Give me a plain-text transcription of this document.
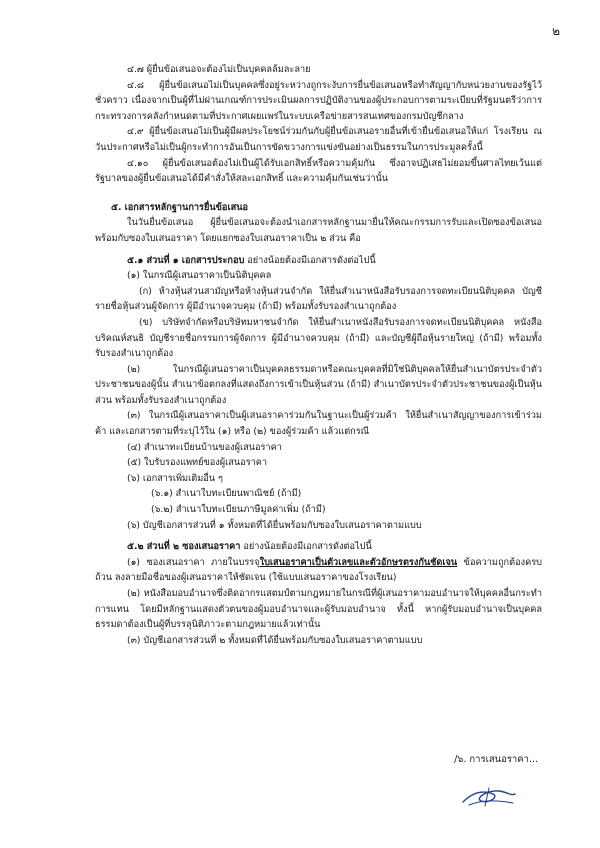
๒

๔.๗ ผู้ยื่นข้อเสนอจะต้องไม่เป็นบุคคลล้มละลาย

๔.๘ ผู้ยื่นข้อเสนอไม่เป็นบุคคลซึ่งอยู่ระหว่างถูกระงับการยื่นข้อเสนอหรือทำสัญญากับหน่วยงานของรัฐไว้ชั่วคราว เนื่องจากเป็นผู้ที่ไม่ผ่านเกณฑ์การประเมินผลการปฏิบัติงานของผู้ประกอบการตามระเบียบที่รัฐมนตรีว่าการกระทรวงการคลังกำหนดตามที่ประกาศเผยแพร่ในระบบเครือข่ายสารสนเทศของกรมบัญชีกลาง

๔.๙ ผู้ยื่นข้อเสนอไม่เป็นผู้มีผลประโยชน์ร่วมกันกับผู้ยื่นข้อเสนอรายอื่นที่เข้ายื่นข้อเสนอให้แก่ โรงเรียน ณ วันประกาศหรือไม่เป็นผู้กระทำการอันเป็นการขัดขวางการแข่งขันอย่างเป็นธรรมในการประมูลครั้งนี้

๔.๑๐ ผู้ยื่นข้อเสนอต้องไม่เป็นผู้ได้รับเอกสิทธิ์หรือความคุ้มกัน ซึ่งอาจปฏิเสธไม่ยอมขึ้นศาลไทยเว้นแต่รัฐบาลของผู้ยื่นข้อเสนอได้มีคำสั่งให้สละเอกสิทธิ์ และความคุ้มกันเช่นว่านั้น

๕. เอกสารหลักฐานการยื่นข้อเสนอ

ในวันยื่นข้อเสนอ ผู้ยื่นข้อเสนอจะต้องนำเอกสารหลักฐานมายื่นให้คณะกรรมการรับและเปิดซองข้อเสนอพร้อมกับซองใบเสนอราคา โดยแยกซองใบเสนอราคาเป็น ๒ ส่วน คือ

๕.๑ ส่วนที่ ๑ เอกสารประกอบ อย่างน้อยต้องมีเอกสารดังต่อไปนี้

(๑) ในกรณีผู้เสนอราคาเป็นนิติบุคคล

(ก) ห้างหุ้นส่วนสามัญหรือห้างหุ้นส่วนจำกัด ให้ยื่นสำเนาหนังสือรับรองการจดทะเบียนนิติบุคคล บัญชีรายชื่อหุ้นส่วนผู้จัดการ ผู้มีอำนาจควบคุม (ถ้ามี) พร้อมทั้งรับรองสำเนาถูกต้อง

(ข) บริษัทจำกัดหรือบริษัทมหาชนจำกัด ให้ยื่นสำเนาหนังสือรับรองการจดทะเบียนนิติบุคคล หนังสือบริคณห์สนธิ บัญชีรายชื่อกรรมการผู้จัดการ ผู้มีอำนาจควบคุม (ถ้ามี) และบัญชีผู้ถือหุ้นรายใหญ่ (ถ้ามี) พร้อมทั้งรับรองสำเนาถูกต้อง

(๒) ในกรณีผู้เสนอราคาเป็นบุคคลธรรมดาหรือคณะบุคคลที่มิใช่นิติบุคคลให้ยื่นสำเนาบัตรประจำตัวประชาชนของผู้นั้น สำเนาข้อตกลงที่แสดงถึงการเข้าเป็นหุ้นส่วน (ถ้ามี) สำเนาบัตรประจำตัวประชาชนของผู้เป็นหุ้นส่วน พร้อมทั้งรับรองสำเนาถูกต้อง

(๓) ในกรณีผู้เสนอราคาเป็นผู้เสนอราคาร่วมกันในฐานะเป็นผู้ร่วมค้า ให้ยื่นสำเนาสัญญาของการเข้าร่วมค้า และเอกสารตามที่ระบุไว้ใน (๑) หรือ (๒) ของผู้ร่วมค้า แล้วแต่กรณี

(๔) สำเนาทะเบียนบ้านของผู้เสนอราคา

(๕) ใบรับรองแพทย์ของผู้เสนอราคา

(๖) เอกสารเพิ่มเติมอื่น ๆ

(๖.๑) สำเนาใบทะเบียนพาณิชย์ (ถ้ามี)

(๖.๒) สำเนาใบทะเบียนภาษีมูลค่าเพิ่ม (ถ้ามี)

(๖) บัญชีเอกสารส่วนที่ ๑ ทั้งหมดที่ได้ยื่นพร้อมกับซองใบเสนอราคาตามแบบ

๕.๒ ส่วนที่ ๒ ซองเสนอราคา อย่างน้อยต้องมีเอกสารดังต่อไปนี้

(๑) ซองเสนอราคา ภายในบรรจุใบเสนอราคาเป็นตัวเลขและตัวอักษรตรงกันชัดเจน ข้อความถูกต้องครบถ้วน ลงลายมือชื่อของผู้เสนอราคาให้ชัดเจน (ใช้แบบเสนอราคาของโรงเรียน)

(๒) หนังสือมอบอำนาจซึ่งติดอากรแสตมป์ตามกฎหมายในกรณีที่ผู้เสนอราคามอบอำนาจให้บุคคลอื่นกระทำการแทน โดยมีหลักฐานแสดงตัวตนของผู้มอบอำนาจและผู้รับมอบอำนาจ ทั้งนี้ หากผู้รับมอบอำนาจเป็นบุคคลธรรมดาต้องเป็นผู้ที่บรรลุนิติภาวะตามกฎหมายแล้วเท่านั้น

(๓) บัญชีเอกสารส่วนที่ ๒ ทั้งหมดที่ได้ยื่นพร้อมกับซองใบเสนอราคาตามแบบ

/๖. การเสนอราคา...
